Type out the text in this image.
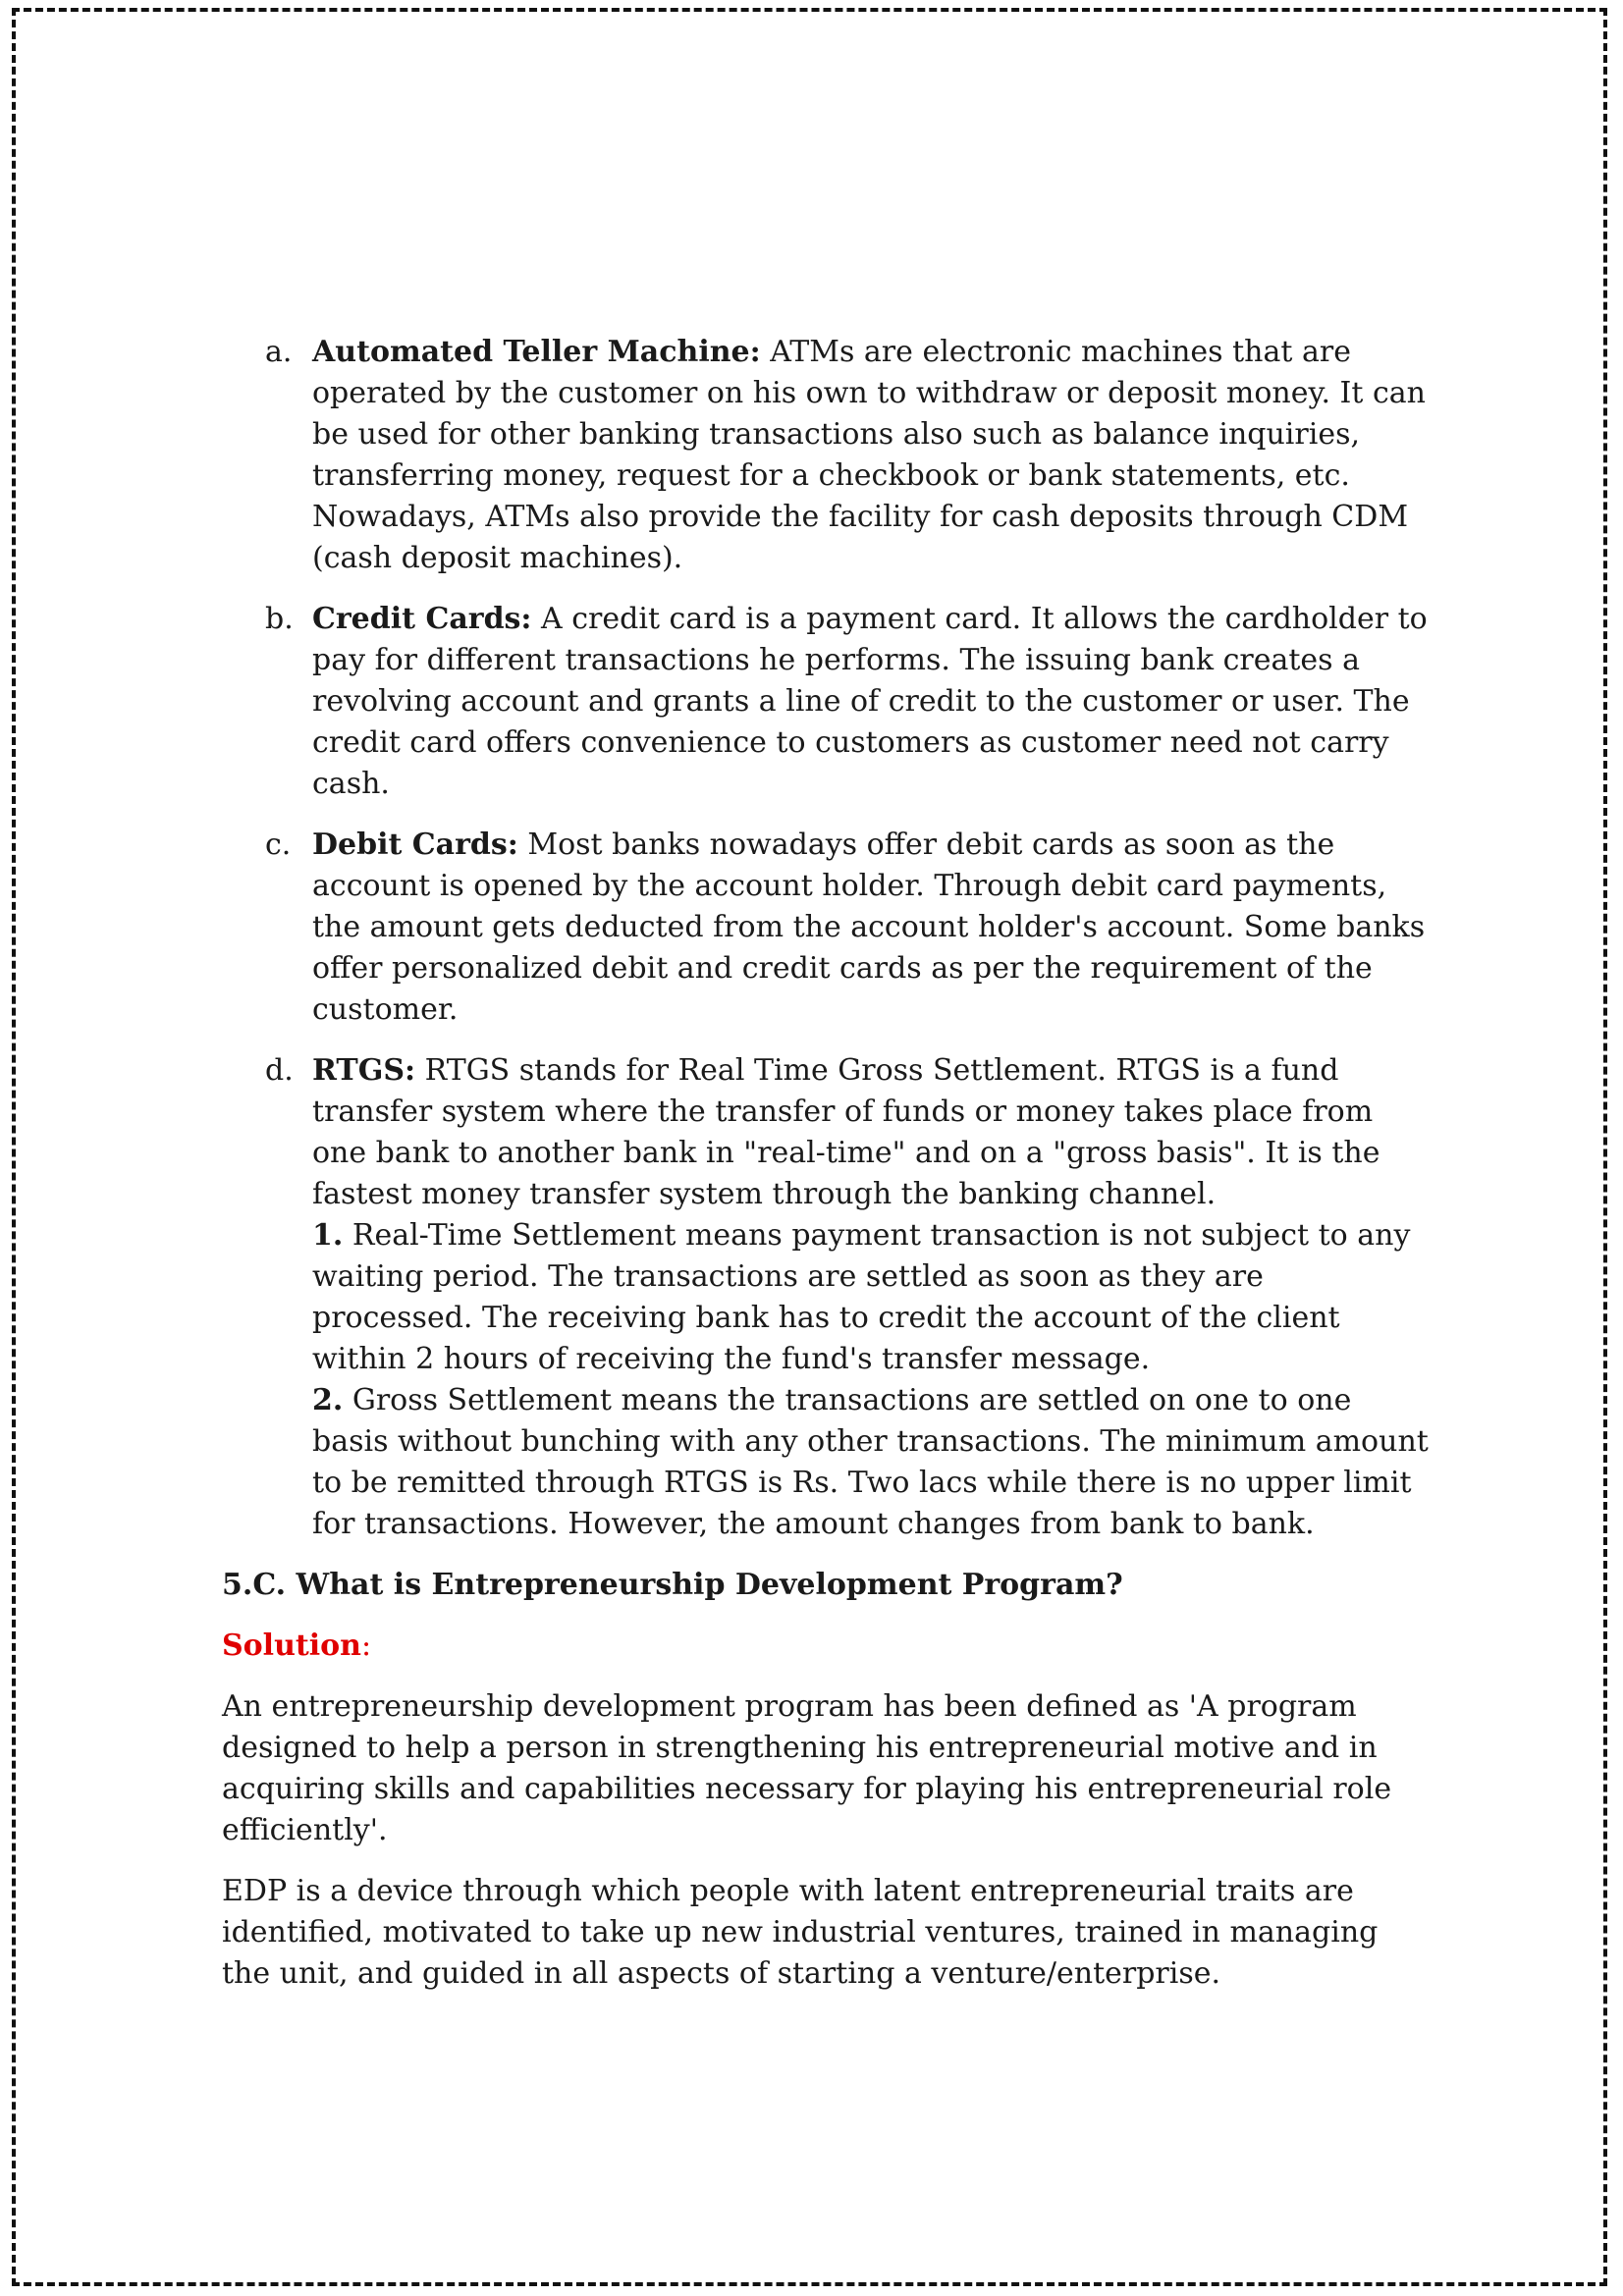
a. Automated Teller Machine: ATMs are electronic machines that are operated by the customer on his own to withdraw or deposit money. It can be used for other banking transactions also such as balance inquiries, transferring money, request for a checkbook or bank statements, etc. Nowadays, ATMs also provide the facility for cash deposits through CDM (cash deposit machines).
b. Credit Cards: A credit card is a payment card. It allows the cardholder to pay for different transactions he performs. The issuing bank creates a revolving account and grants a line of credit to the customer or user. The credit card offers convenience to customers as customer need not carry cash.
c. Debit Cards: Most banks nowadays offer debit cards as soon as the account is opened by the account holder. Through debit card payments, the amount gets deducted from the account holder's account. Some banks offer personalized debit and credit cards as per the requirement of the customer.
d. RTGS: RTGS stands for Real Time Gross Settlement. RTGS is a fund transfer system where the transfer of funds or money takes place from one bank to another bank in "real-time" and on a "gross basis". It is the fastest money transfer system through the banking channel.
1. Real-Time Settlement means payment transaction is not subject to any waiting period. The transactions are settled as soon as they are processed. The receiving bank has to credit the account of the client within 2 hours of receiving the fund's transfer message.
2. Gross Settlement means the transactions are settled on one to one basis without bunching with any other transactions. The minimum amount to be remitted through RTGS is Rs. Two lacs while there is no upper limit for transactions. However, the amount changes from bank to bank.

5.C. What is Entrepreneurship Development Program?

Solution:

An entrepreneurship development program has been defined as 'A program designed to help a person in strengthening his entrepreneurial motive and in acquiring skills and capabilities necessary for playing his entrepreneurial role efficiently'.

EDP is a device through which people with latent entrepreneurial traits are identified, motivated to take up new industrial ventures, trained in managing the unit, and guided in all aspects of starting a venture/enterprise.
